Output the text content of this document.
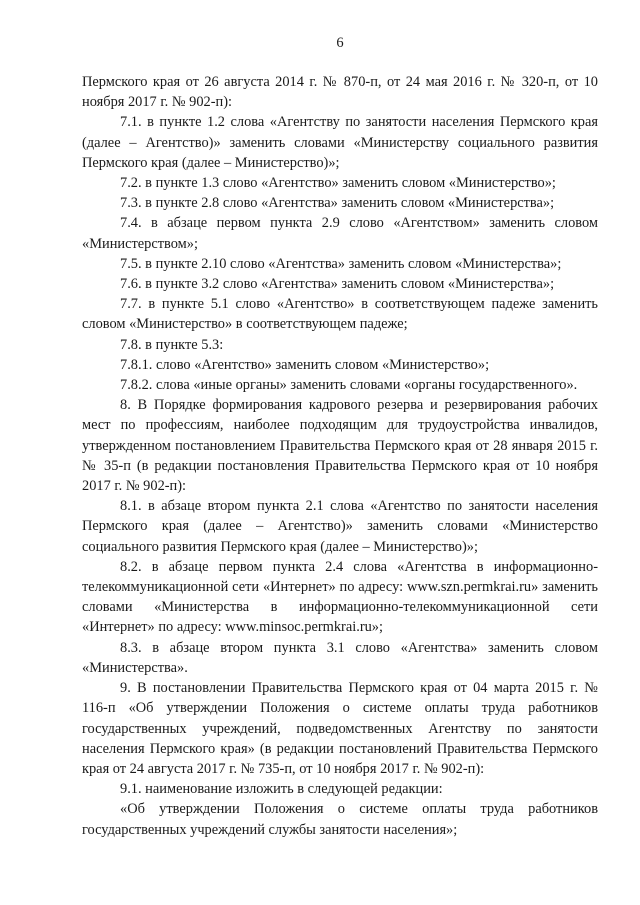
6

Пермского края от 26 августа 2014 г. № 870-п, от 24 мая 2016 г. № 320-п, от 10 ноября 2017 г. № 902-п):

7.1. в пункте 1.2 слова «Агентству по занятости населения Пермского края (далее – Агентство)» заменить словами «Министерству социального развития Пермского края (далее – Министерство)»;

7.2. в пункте 1.3 слово «Агентство» заменить словом «Министерство»;

7.3. в пункте 2.8 слово «Агентства» заменить словом «Министерства»;

7.4. в абзаце первом пункта 2.9 слово «Агентством» заменить словом «Министерством»;

7.5. в пункте 2.10 слово «Агентства» заменить словом «Министерства»;

7.6. в пункте 3.2 слово «Агентства» заменить словом «Министерства»;

7.7. в пункте 5.1 слово «Агентство» в соответствующем падеже заменить словом «Министерство» в соответствующем падеже;

7.8. в пункте 5.3:

7.8.1. слово «Агентство» заменить словом «Министерство»;

7.8.2. слова «иные органы» заменить словами «органы государственного».

8. В Порядке формирования кадрового резерва и резервирования рабочих мест по профессиям, наиболее подходящим для трудоустройства инвалидов, утвержденном постановлением Правительства Пермского края от 28 января 2015 г. № 35-п (в редакции постановления Правительства Пермского края от 10 ноября 2017 г. № 902-п):

8.1. в абзаце втором пункта 2.1 слова «Агентство по занятости населения Пермского края (далее – Агентство)» заменить словами «Министерство социального развития Пермского края (далее – Министерство)»;

8.2. в абзаце первом пункта 2.4 слова «Агентства в информационно-телекоммуникационной сети «Интернет» по адресу: www.szn.permkrai.ru» заменить словами «Министерства в информационно-телекоммуникационной сети «Интернет» по адресу: www.minsoc.permkrai.ru»;

8.3. в абзаце втором пункта 3.1 слово «Агентства» заменить словом «Министерства».

9. В постановлении Правительства Пермского края от 04 марта 2015 г. № 116-п «Об утверждении Положения о системе оплаты труда работников государственных учреждений, подведомственных Агентству по занятости населения Пермского края» (в редакции постановлений Правительства Пермского края от 24 августа 2017 г. № 735-п, от 10 ноября 2017 г. № 902-п):

9.1. наименование изложить в следующей редакции:

«Об утверждении Положения о системе оплаты труда работников государственных учреждений службы занятости населения»;
